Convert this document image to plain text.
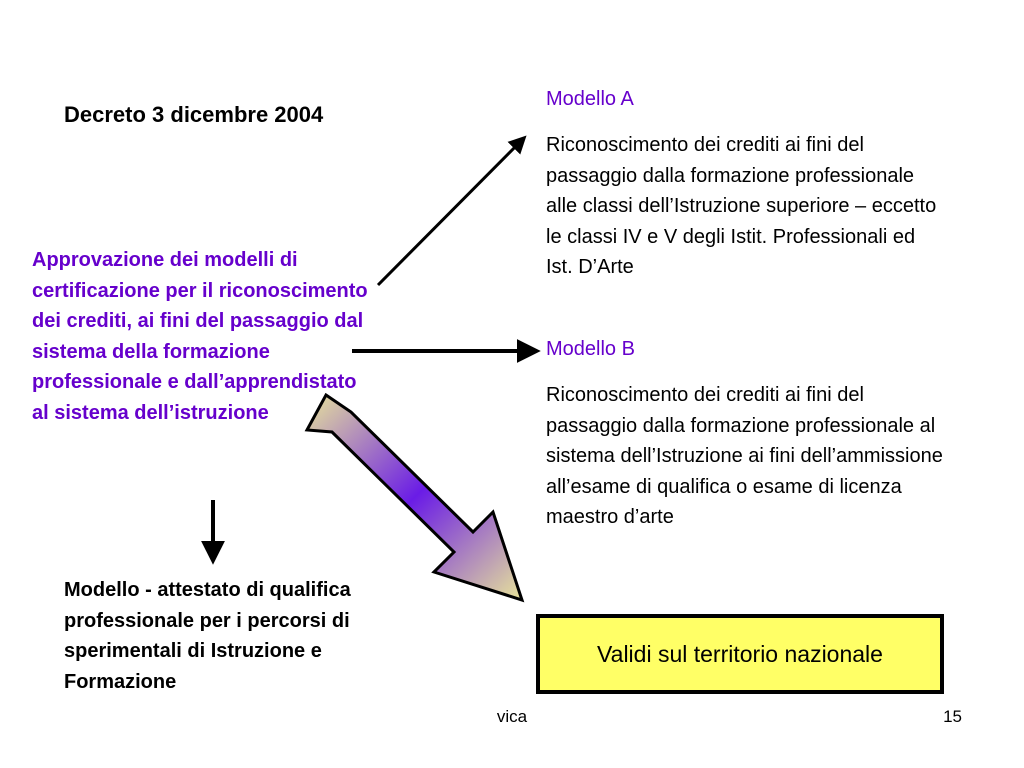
Decreto 3 dicembre 2004
Approvazione dei modelli di certificazione per il riconoscimento dei crediti, ai fini del passaggio dal sistema della formazione professionale e dall’apprendistato al sistema dell’istruzione
Modello A
Riconoscimento dei crediti ai fini del passaggio dalla formazione professionale alle classi dell’Istruzione superiore – eccetto le classi IV e V degli Istit. Professionali ed Ist. D’Arte
Modello B
Riconoscimento dei crediti ai fini del passaggio dalla formazione professionale al sistema dell’Istruzione ai fini dell’ammissione all’esame di qualifica o esame di licenza maestro d’arte
Modello - attestato di qualifica professionale per i percorsi di sperimentali di Istruzione e Formazione
Validi sul territorio nazionale
vica	15
